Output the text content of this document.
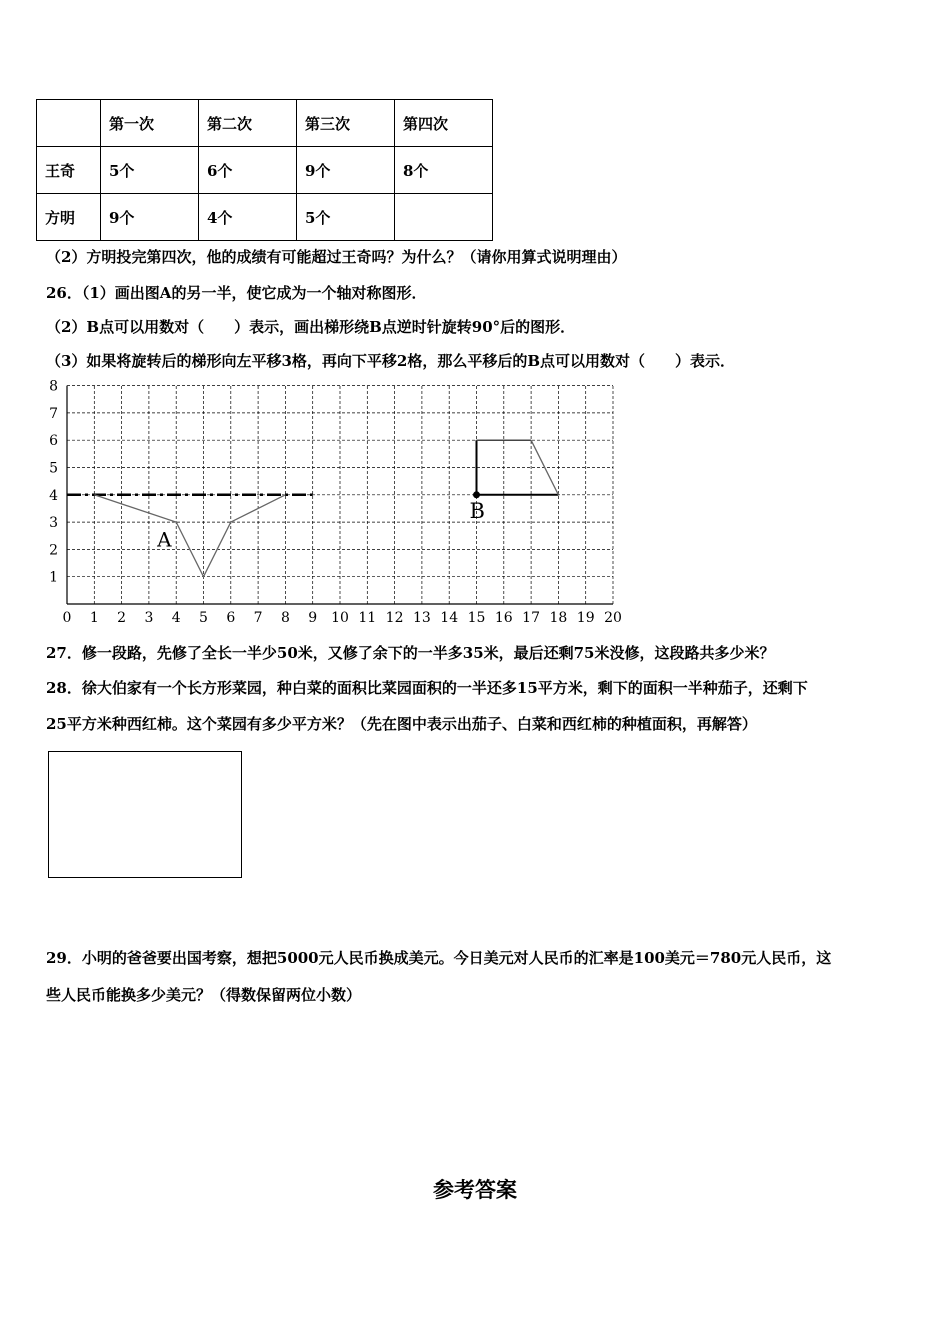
	第一次	第二次	第三次	第四次
王奇	5个	6个	9个	8个
方明	9个	4个	5个	
（2）方明投完第四次，他的成绩有可能超过王奇吗？为什么？（请你用算式说明理由）
26．（1）画出图A的另一半，使它成为一个轴对称图形．
（2）B点可以用数对（　　）表示，画出梯形绕B点逆时针旋转90°后的图形．
（3）如果将旋转后的梯形向左平移3格，再向下平移2格，那么平移后的B点可以用数对（　　）表示．
0 1 2 3 4 5 6 7 8 9 10 11 12 13 14 15 16 17 18 19 20
1
2
3
4
5
6
7
8
B
A
27．修一段路，先修了全长一半少50米，又修了余下的一半多35米，最后还剩75米没修，这段路共多少米？
28．徐大伯家有一个长方形菜园，种白菜的面积比菜园面积的一半还多15平方米，剩下的面积一半种茄子，还剩下
25平方米种西红柿。这个菜园有多少平方米？（先在图中表示出茄子、白菜和西红柿的种植面积，再解答）
29．小明的爸爸要出国考察，想把5000元人民币换成美元。今日美元对人民币的汇率是100美元＝780元人民币，这
些人民币能换多少美元？（得数保留两位小数）
参考答案
